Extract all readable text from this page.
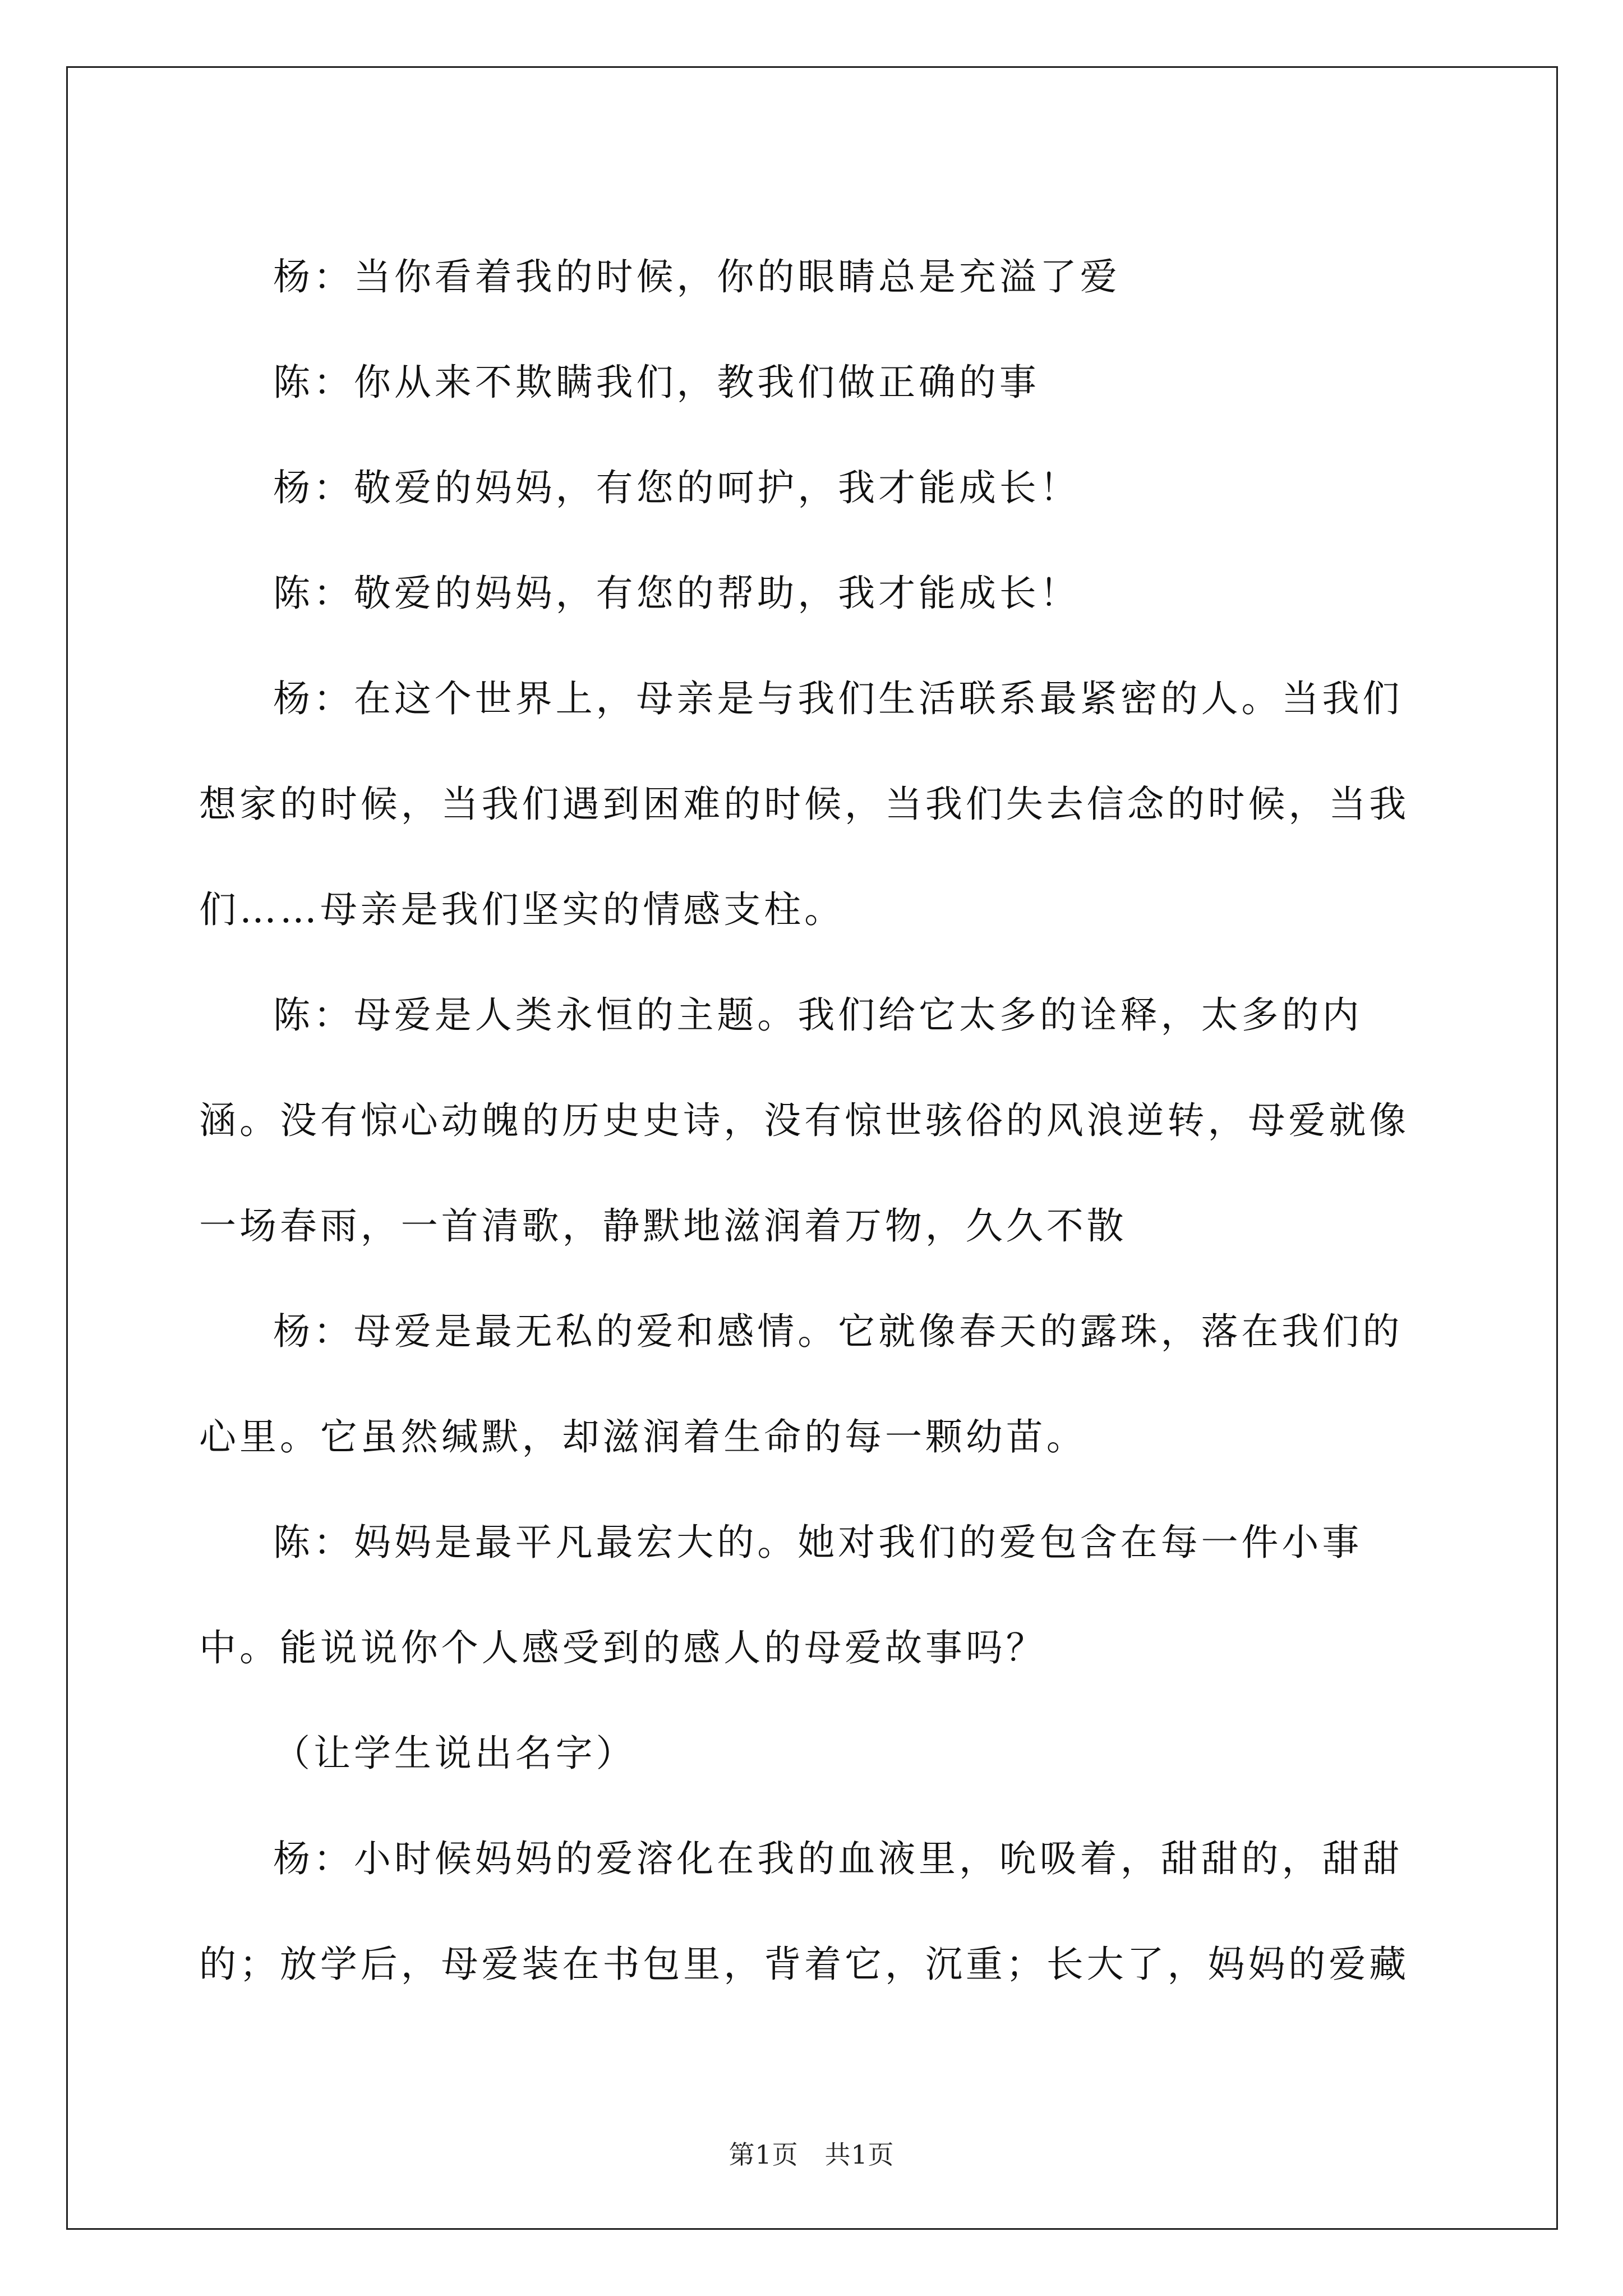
杨：当你看着我的时候，你的眼睛总是充溢了爱

陈：你从来不欺瞒我们，教我们做正确的事

杨：敬爱的妈妈，有您的呵护，我才能成长！

陈：敬爱的妈妈，有您的帮助，我才能成长！

杨：在这个世界上，母亲是与我们生活联系最紧密的人。当我们想家的时候，当我们遇到困难的时候，当我们失去信念的时候，当我们……母亲是我们坚实的情感支柱。

陈：母爱是人类永恒的主题。我们给它太多的诠释，太多的内涵。没有惊心动魄的历史史诗，没有惊世骇俗的风浪逆转，母爱就像一场春雨，一首清歌，静默地滋润着万物，久久不散

杨：母爱是最无私的爱和感情。它就像春天的露珠，落在我们的心里。它虽然缄默，却滋润着生命的每一颗幼苗。

陈：妈妈是最平凡最宏大的。她对我们的爱包含在每一件小事中。能说说你个人感受到的感人的母爱故事吗？

（让学生说出名字）

杨：小时候妈妈的爱溶化在我的血液里，吮吸着，甜甜的，甜甜的；放学后，母爱装在书包里，背着它，沉重；长大了，妈妈的爱藏

第1页　共1页
